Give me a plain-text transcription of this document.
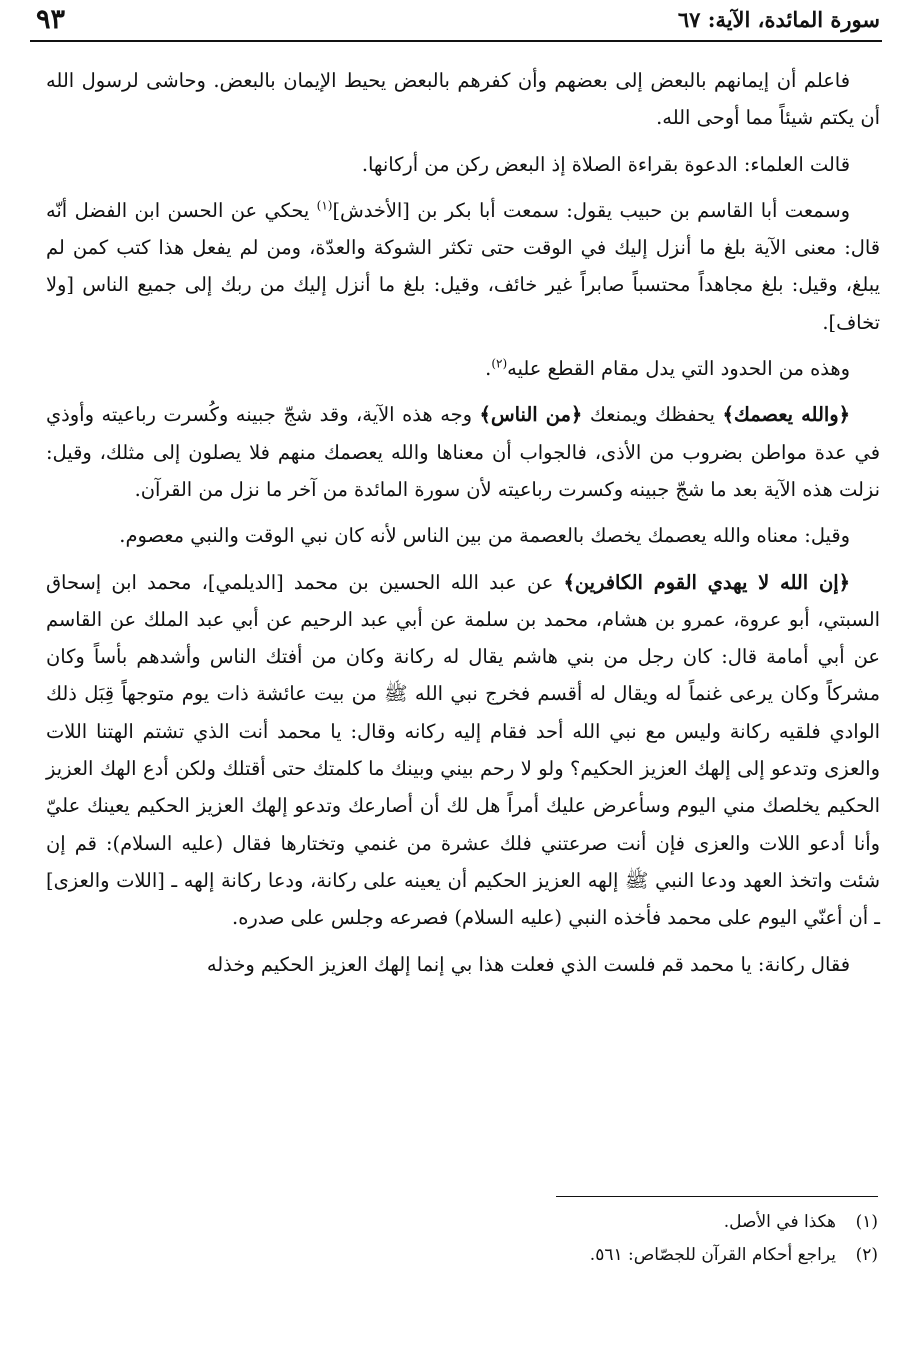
٩٣	سورة المائدة، الآية: ٦٧

فاعلم أن إيمانهم بالبعض إلى بعضهم وأن كفرهم بالبعض يحيط الإيمان بالبعض. وحاشى لرسول الله أن يكتم شيئاً مما أوحى الله.

قالت العلماء: الدعوة بقراءة الصلاة إذ البعض ركن من أركانها.

وسمعت أبا القاسم بن حبيب يقول: سمعت أبا بكر بن [الأخدش]$^{(١)}$ يحكي عن الحسن ابن الفضل أنّه قال: معنى الآية بلغ ما أنزل إليك في الوقت حتى تكثر الشوكة والعدّة، ومن لم يفعل هذا كتب كمن لم يبلغ، وقيل: بلغ مجاهداً محتسباً صابراً غير خائف، وقيل: بلغ ما أنزل إليك من ربك إلى جميع الناس [ولا تخاف].

وهذه من الحدود التي يدل مقام القطع عليه$^{(٢)}$.

﴿والله يعصمك﴾ يحفظك ويمنعك ﴿من الناس﴾ وجه هذه الآية، وقد شجّ جبينه وكُسرت رباعيته وأوذي في عدة مواطن بضروب من الأذى، فالجواب أن معناها والله يعصمك منهم فلا يصلون إلى مثلك، وقيل: نزلت هذه الآية بعد ما شجّ جبينه وكسرت رباعيته لأن سورة المائدة من آخر ما نزل من القرآن.

وقيل: معناه والله يعصمك يخصك بالعصمة من بين الناس لأنه كان نبي الوقت والنبي معصوم.

﴿إن الله لا يهدي القوم الكافرين﴾ عن عبد الله الحسين بن محمد [الديلمي]، محمد ابن إسحاق السبتي، أبو عروة، عمرو بن هشام، محمد بن سلمة عن أبي عبد الرحيم عن أبي عبد الملك عن القاسم عن أبي أمامة قال: كان رجل من بني هاشم يقال له ركانة وكان من أفتك الناس وأشدهم بأساً وكان مشركاً وكان يرعى غنماً له ويقال له أقسم فخرج نبي الله ﷺ من بيت عائشة ذات يوم متوجهاً قِبَل ذلك الوادي فلقيه ركانة وليس مع نبي الله أحد فقام إليه ركانه وقال: يا محمد أنت الذي تشتم الهتنا اللات والعزى وتدعو إلى إلهك العزيز الحكيم؟ ولو لا رحم بيني وبينك ما كلمتك حتى أقتلك ولكن أدع الهك العزيز الحكيم يخلصك مني اليوم وسأعرض عليك أمراً هل لك أن أصارعك وتدعو إلهك العزيز الحكيم يعينك عليّ وأنا أدعو اللات والعزى فإن أنت صرعتني فلك عشرة من غنمي وتختارها فقال (عليه السلام): قم إن شئت واتخذ العهد ودعا النبي ﷺ إلهه العزيز الحكيم أن يعينه على ركانة، ودعا ركانة إلهه ـ [اللات والعزى] ـ أن أعنّي اليوم على محمد فأخذه النبي (عليه السلام) فصرعه وجلس على صدره.

فقال ركانة: يا محمد قم فلست الذي فعلت هذا بي إنما إلهك العزيز الحكيم وخذله

(١)
هكذا في الأصل.
(٢)
يراجع أحكام القرآن للجصّاص: ٥٦١.
